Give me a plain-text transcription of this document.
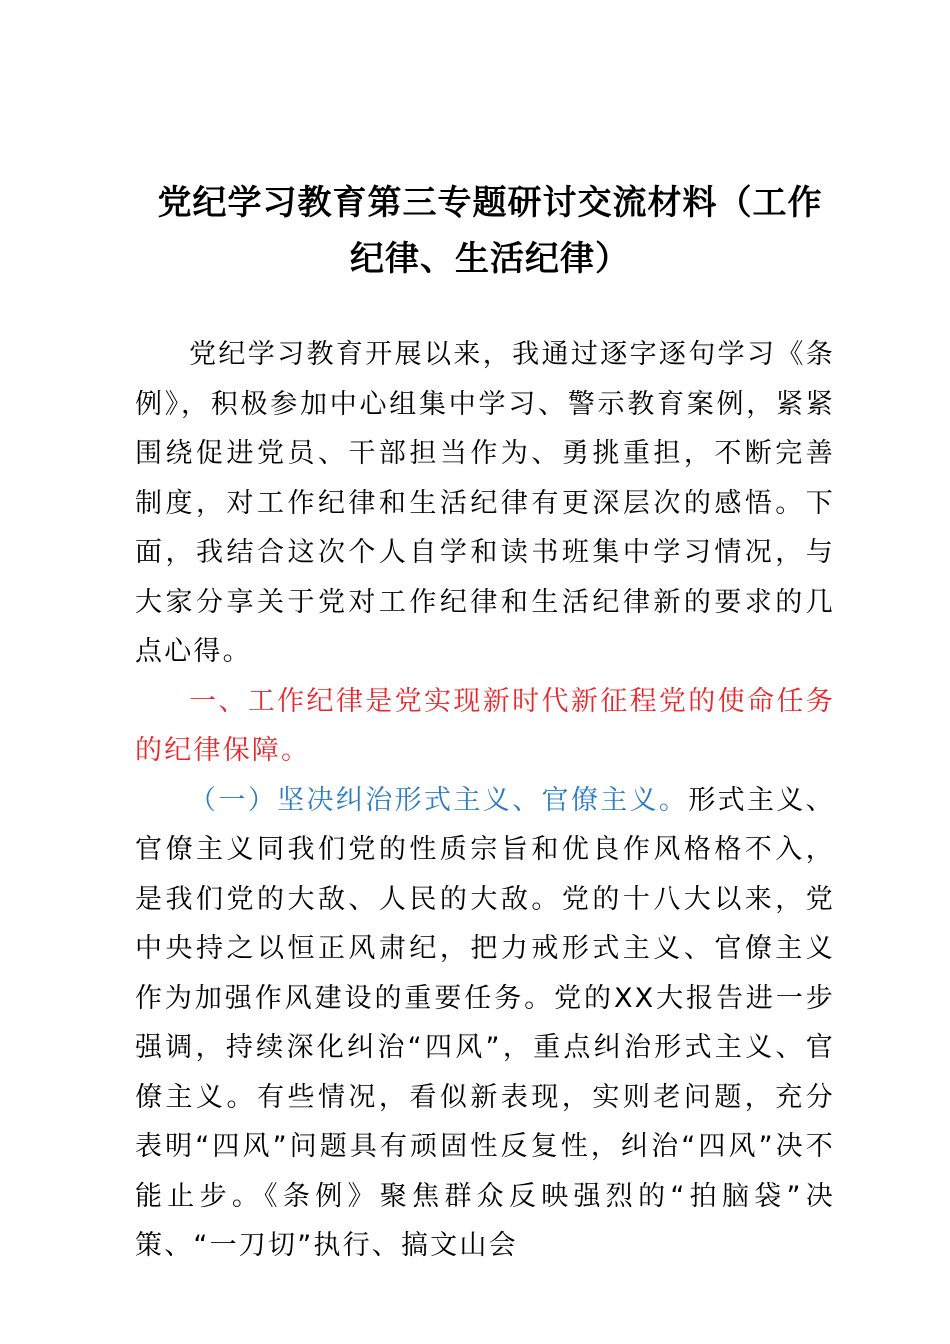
党纪学习教育第三专题研讨交流材料（工作
纪律、生活纪律）

党纪学习教育开展以来，我通过逐字逐句学习《条例》，积极参加中心组集中学习、警示教育案例，紧紧围绕促进党员、干部担当作为、勇挑重担，不断完善制度，对工作纪律和生活纪律有更深层次的感悟。下面，我结合这次个人自学和读书班集中学习情况，与大家分享关于党对工作纪律和生活纪律新的要求的几点心得。

一、工作纪律是党实现新时代新征程党的使命任务的纪律保障。

（一）坚决纠治形式主义、官僚主义。形式主义、官僚主义同我们党的性质宗旨和优良作风格格不入，是我们党的大敌、人民的大敌。党的十八大以来，党中央持之以恒正风肃纪，把力戒形式主义、官僚主义作为加强作风建设的重要任务。党的XX大报告进一步强调，持续深化纠治“四风”，重点纠治形式主义、官僚主义。有些情况，看似新表现，实则老问题，充分表明“四风”问题具有顽固性反复性，纠治“四风”决不能止步。《条例》聚焦群众反映强烈的“拍脑袋”决策、“一刀切”执行、搞文山会
